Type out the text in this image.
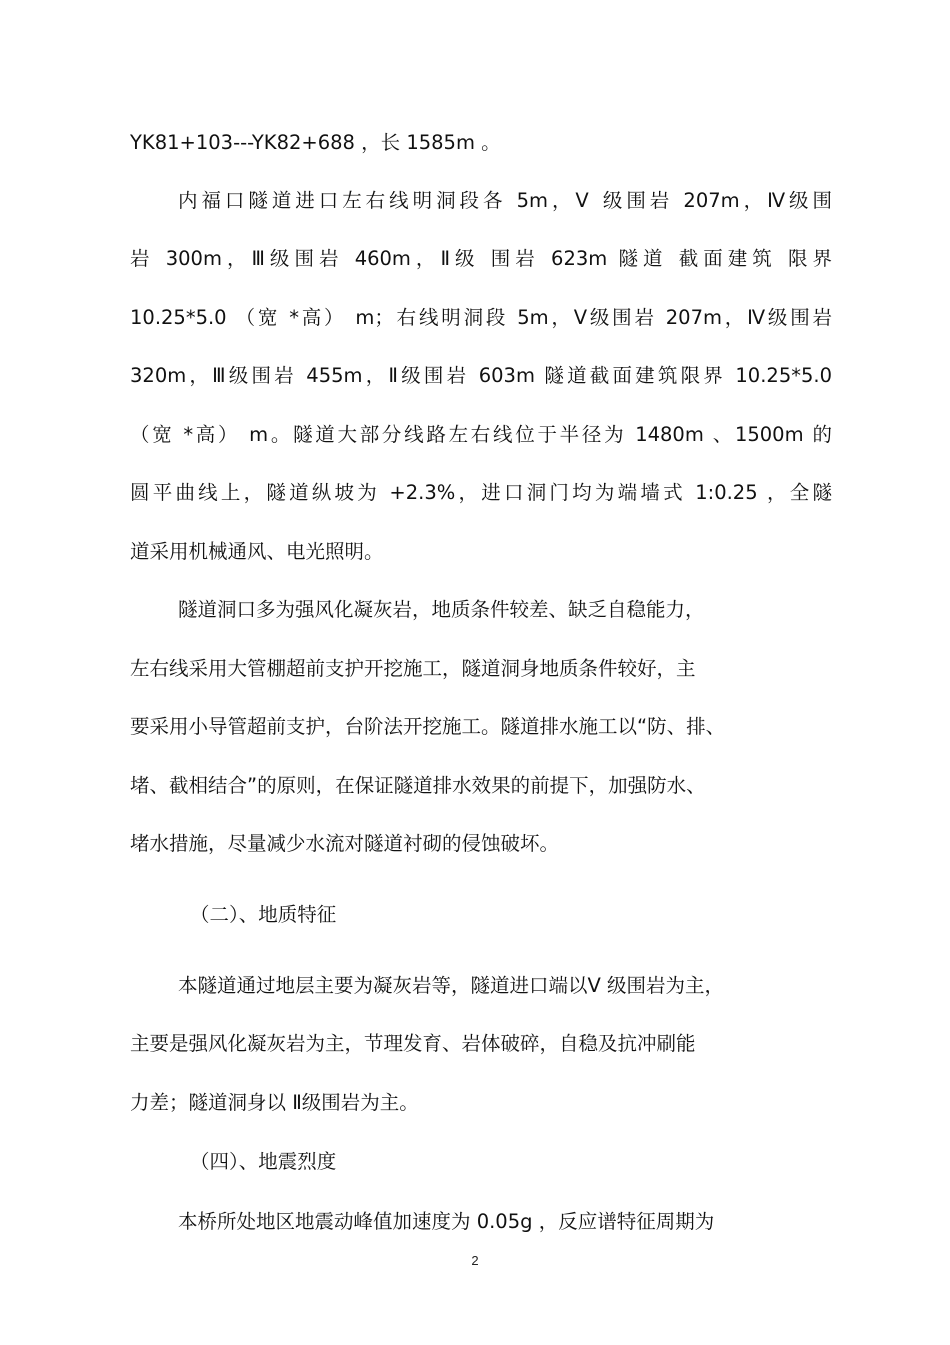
YK81+103---YK82+688 ，长 1585m 。
内福口隧道进口左右线明洞段各 5m，Ⅴ 级围岩 207m，Ⅳ级围
岩 300m，Ⅲ级围岩 460m，Ⅱ级 围岩 623m 隧道 截面建筑 限界
10.25*5.0 （宽 *高） m；右线明洞段 5m，Ⅴ级围岩 207m，Ⅳ级围岩
320m，Ⅲ级围岩 455m，Ⅱ级围岩 603m 隧道截面建筑限界 10.25*5.0
（宽 *高） m。隧道大部分线路左右线位于半径为 1480m 、1500m 的
圆平曲线上，隧道纵坡为 +2.3%，进口洞门均为端墙式 1:0.25 ，全隧
道采用机械通风、电光照明。
隧道洞口多为强风化凝灰岩，地质条件较差、缺乏自稳能力，
左右线采用大管棚超前支护开挖施工，隧道洞身地质条件较好，主
要采用小导管超前支护，台阶法开挖施工。隧道排水施工以“防、排、
堵、截相结合”的原则，在保证隧道排水效果的前提下，加强防水、
堵水措施，尽量减少水流对隧道衬砌的侵蚀破坏。
（二）、地质特征
本隧道通过地层主要为凝灰岩等，隧道进口端以Ⅴ 级围岩为主，
主要是强风化凝灰岩为主，节理发育、岩体破碎，自稳及抗冲刷能
力差；隧道洞身以 Ⅱ级围岩为主。
（四）、地震烈度
本桥所处地区地震动峰值加速度为 0.05g ，反应谱特征周期为
2
